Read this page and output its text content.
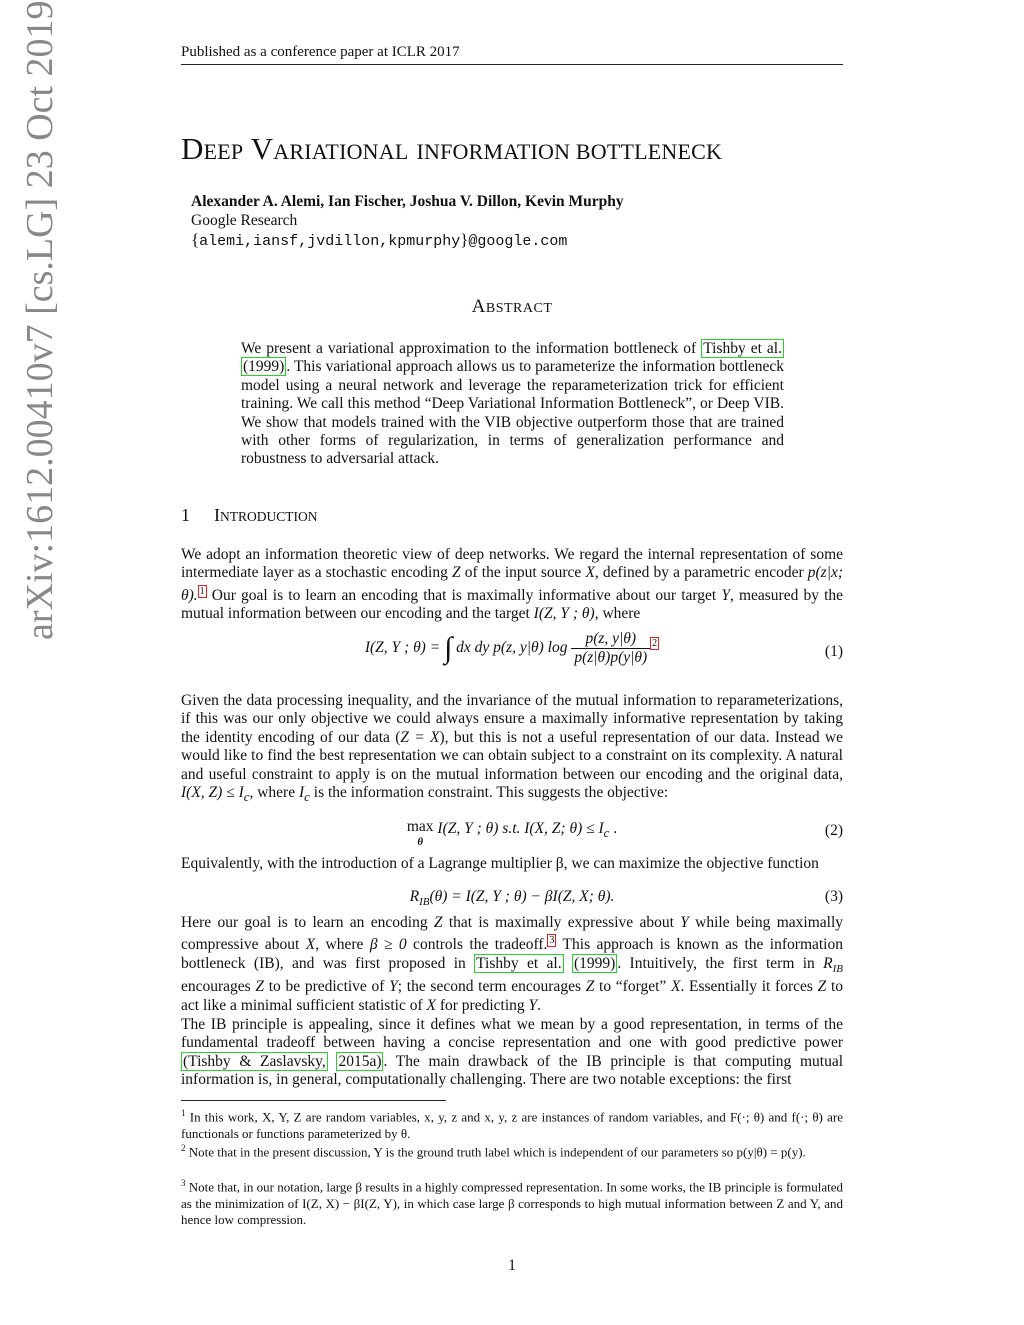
Published as a conference paper at ICLR 2017
DEEP VARIATIONAL INFORMATION BOTTLENECK
Alexander A. Alemi, Ian Fischer, Joshua V. Dillon, Kevin Murphy
Google Research
{alemi,iansf,jvdillon,kpmurphy}@google.com
ABSTRACT
We present a variational approximation to the information bottleneck of Tishby et al. (1999) . This variational approach allows us to parameterize the information bottleneck model using a neural network and leverage the reparameterization trick for efficient training. We call this method “Deep Variational Information Bottleneck”, or Deep VIB. We show that models trained with the VIB objective outperform those that are trained with other forms of regularization, in terms of generalization performance and robustness to adversarial attack.
1 INTRODUCTION
We adopt an information theoretic view of deep networks. We regard the internal representation of some intermediate layer as a stochastic encoding Z of the input source X, defined by a parametric encoder p(z|x; θ). $^1$ Our goal is to learn an encoding that is maximally informative about our target Y, measured by the mutual information between our encoding and the target I(Z, Y ; θ), where
I(Z, Y ; θ) = ∫ dx dy p(z, y|θ) $\log \frac{p(z, y|\theta)}{p(z|\theta)p(y|\theta)} ^2$	(1)
Given the data processing inequality, and the invariance of the mutual information to reparameterizations, if this was our only objective we could always ensure a maximally informative representation by taking the identity encoding of our data (Z = X), but this is not a useful representation of our data. Instead we would like to find the best representation we can obtain subject to a constraint on its complexity. A natural and useful constraint to apply is on the mutual information between our encoding and the original data, I(X, $Z) \le I_c$, where $I_c$ is the information constraint. This suggests the objective:
max
θ I(Z, Y ; θ) s.t. I(X, Z; $\theta) \le I_c$ .	(2)
Equivalently, with the introduction of a Lagrange multiplier β, we can maximize the objective function
$R_{IB}(\theta) = I(Z$, Y ; θ) − βI(Z, X; θ).	(3)
Here our goal is to learn an encoding Z that is maximally expressive about Y while being maximally compressive about X, where β ≥ 0 controls the tradeoff. $^3$ This approach is known as the information bottleneck (IB), and was first proposed in Tishby et al. (1999) . Intuitively, the first term in $R_{IB}$ encourages Z to be predictive of Y; the second term encourages Z to “forget” X. Essentially it forces Z to act like a minimal sufficient statistic of X for predicting Y.
The IB principle is appealing, since it defines what we mean by a good representation, in terms of the fundamental tradeoff between having a concise representation and one with good predictive power (Tishby & Zaslavsky, 2015a) . The main drawback of the IB principle is that computing mutual information is, in general, computationally challenging. There are two notable exceptions: the first
$^1$ In this work, X, Y, Z are random variables, x, y, z and x, y, z are instances of random variables, and F(·; θ) and f(·; θ) are functionals or functions parameterized by θ.
$^2$ Note that in the present discussion, Y is the ground truth label which is independent of our parameters so p(y|θ) = p(y).
$^3$ Note that, in our notation, large β results in a highly compressed representation. In some works, the IB principle is formulated as the minimization of I(Z, X) − βI(Z, Y), in which case large β corresponds to high mutual information between Z and Y, and hence low compression.
1
arXiv:1612.00410v7 [cs.LG] 23 Oct 2019
